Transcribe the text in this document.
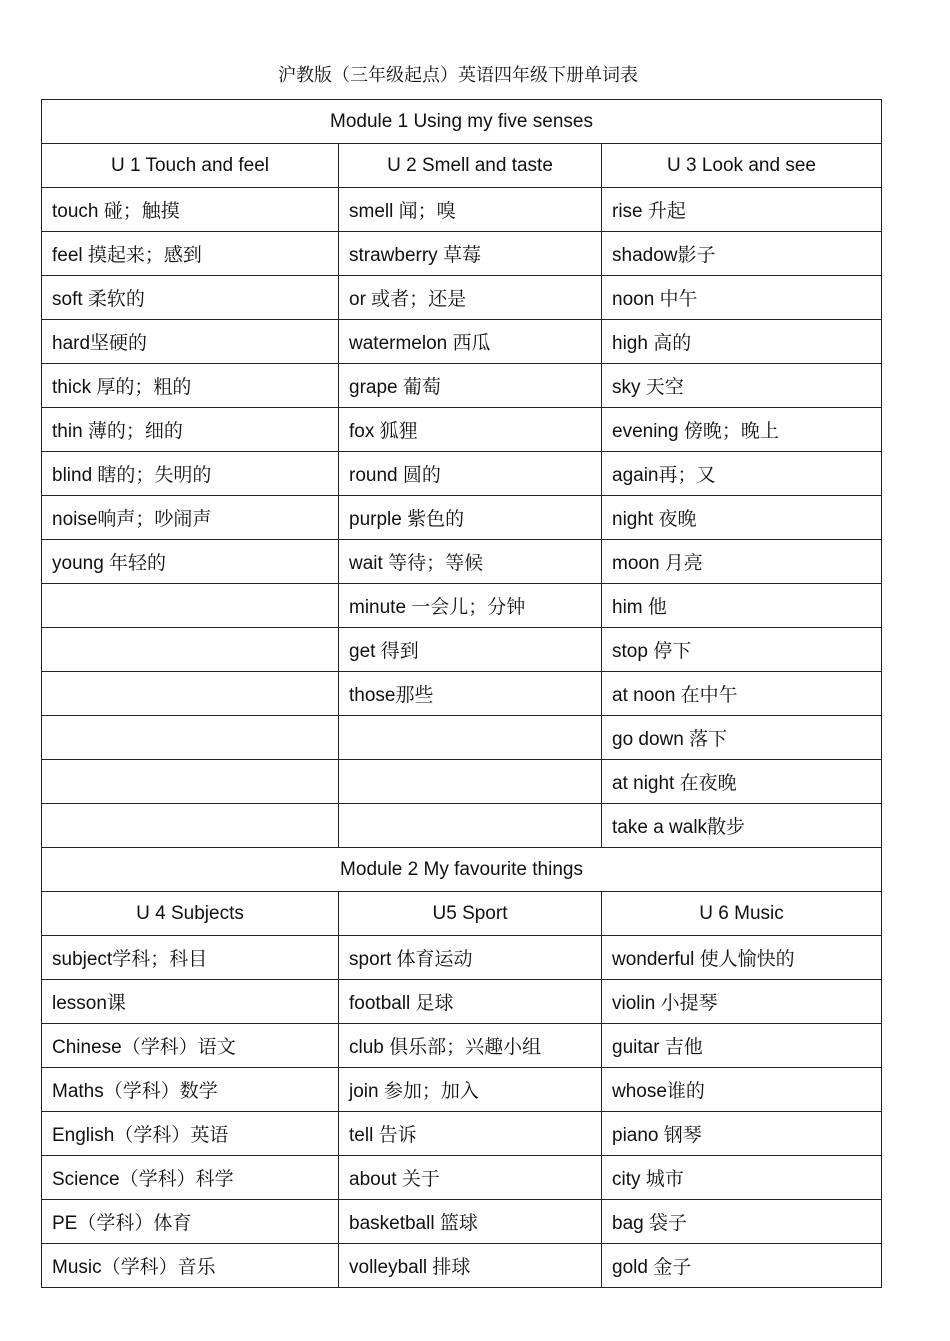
沪教版（三年级起点）英语四年级下册单词表
Module 1 Using my five senses		
U 1 Touch and feel	U 2 Smell and taste	U 3 Look and see
touch 碰；触摸	smell 闻；嗅	rise 升起
feel 摸起来；感到	strawberry 草莓	shadow影子
soft 柔软的	or 或者；还是	noon 中午
hard坚硬的	watermelon 西瓜	high 高的
thick 厚的；粗的	grape 葡萄	sky 天空
thin 薄的；细的	fox 狐狸	evening 傍晚；晚上
blind 瞎的；失明的	round 圆的	again再；又
noise响声；吵闹声	purple 紫色的	night 夜晚
young 年轻的	wait 等待；等候	moon 月亮
	minute 一会儿；分钟	him 他
	get 得到	stop 停下
	those那些	at noon 在中午
		go down 落下
		at night 在夜晚
		take a walk散步
Module 2 My favourite things		
U 4 Subjects	U5 Sport	U 6 Music
subject学科；科目	sport 体育运动	wonderful 使人愉快的
lesson课	football 足球	violin 小提琴
Chinese（学科）语文	club 俱乐部；兴趣小组	guitar 吉他
Maths（学科）数学	join 参加；加入	whose谁的
English（学科）英语	tell 告诉	piano 钢琴
Science（学科）科学	about 关于	city 城市
PE（学科）体育	basketball 篮球	bag 袋子
Music（学科）音乐	volleyball 排球	gold 金子
